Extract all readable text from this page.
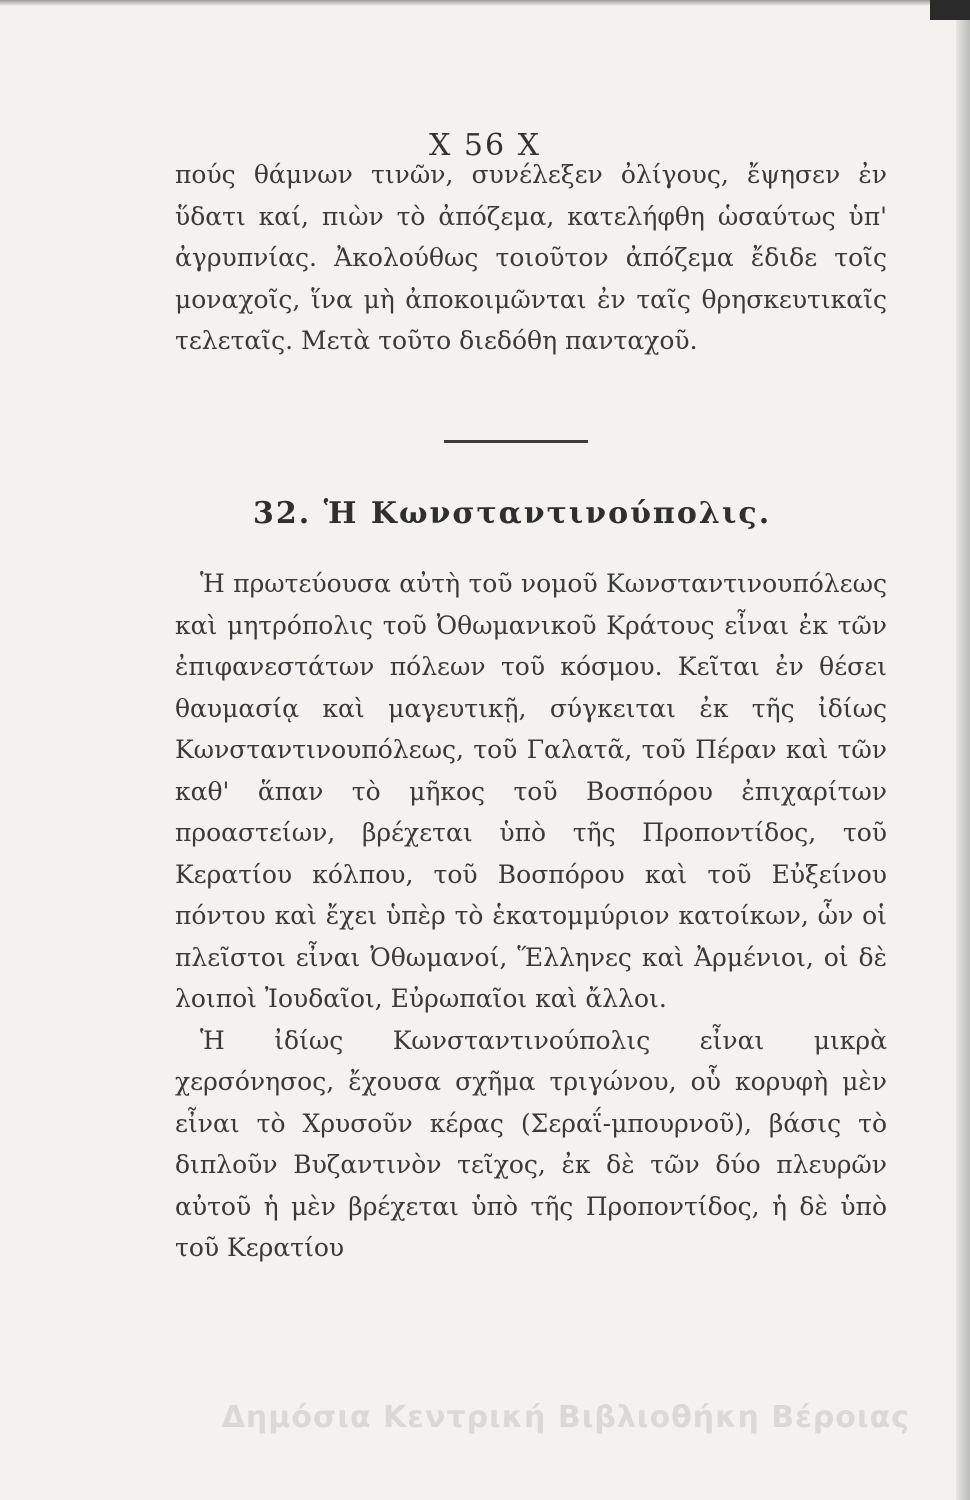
Χ 56 Χ

πούς θάμνων τινῶν, συνέλεξεν ὀλίγους, ἔψησεν ἐν ὕδατι καί, πιὼν τὸ ἀπόζεμα, κατελήφθη ὡσαύτως ὑπ' ἀγρυπνίας. Ἀκολούθως τοιοῦτον ἀπόζεμα ἔδιδε τοῖς μοναχοῖς, ἵνα μὴ ἀποκοιμῶνται ἐν ταῖς θρησκευτικαῖς τελεταῖς. Μετὰ τοῦτο διεδόθη πανταχοῦ.

32. Ἡ Κωνσταντινούπολις.

Ἡ πρωτεύουσα αὐτὴ τοῦ νομοῦ Κωνσταντινουπόλεως καὶ μητρόπολις τοῦ Ὀθωμανικοῦ Κράτους εἶναι ἐκ τῶν ἐπιφανεστάτων πόλεων τοῦ κόσμου. Κεῖται ἐν θέσει θαυμασίᾳ καὶ μαγευτικῇ, σύγκειται ἐκ τῆς ἰδίως Κωνσταντινουπόλεως, τοῦ Γαλατᾶ, τοῦ Πέραν καὶ τῶν καθ' ἅπαν τὸ μῆκος τοῦ Βοσπόρου ἐπιχαρίτων προαστείων, βρέχεται ὑπὸ τῆς Προποντίδος, τοῦ Κερατίου κόλπου, τοῦ Βοσπόρου καὶ τοῦ Εὐξείνου πόντου καὶ ἔχει ὑπὲρ τὸ ἑκατομμύριον κατοίκων, ὧν οἱ πλεῖστοι εἶναι Ὀθωμανοί, Ἕλληνες καὶ Ἀρμένιοι, οἱ δὲ λοιποὶ Ἰουδαῖοι, Εὐρωπαῖοι καὶ ἄλλοι.

Ἡ ἰδίως Κωνσταντινούπολις εἶναι μικρὰ χερσόνησος, ἔχουσα σχῆμα τριγώνου, οὗ κορυφὴ μὲν εἶναι τὸ Χρυσοῦν κέρας (Σεραΐ-μπουρνοῦ), βάσις τὸ διπλοῦν Βυζαντινὸν τεῖχος, ἐκ δὲ τῶν δύο πλευρῶν αὐτοῦ ἡ μὲν βρέχεται ὑπὸ τῆς Προποντίδος, ἡ δὲ ὑπὸ τοῦ Κερατίου

Δημόσια Κεντρική Βιβλιοθήκη Βέροιας
